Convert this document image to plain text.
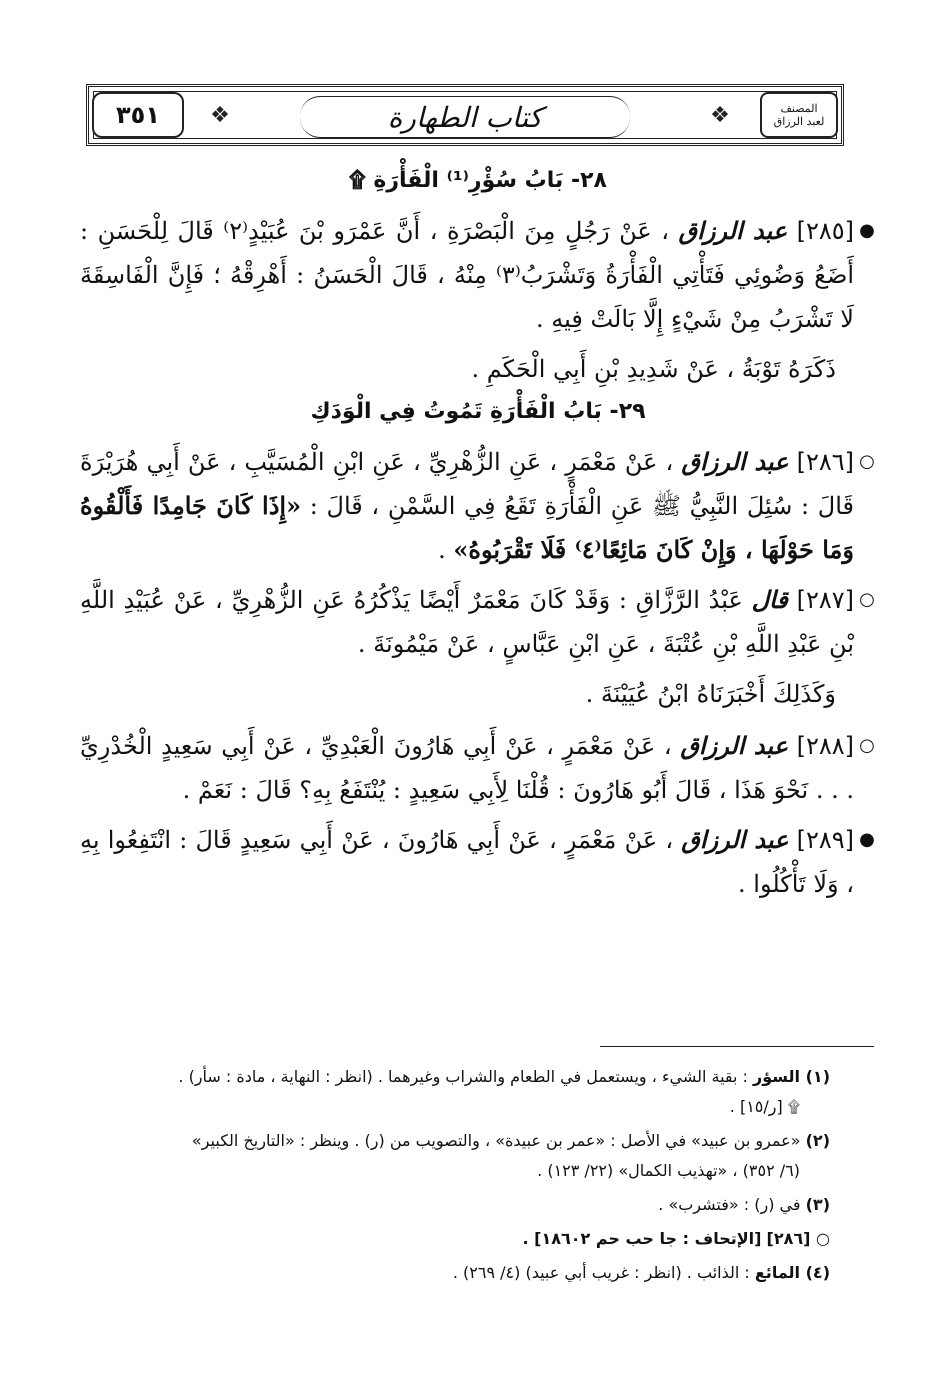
٣٥١	❖	❖
كتاب الطهارة	المصنف
لعبد الرزاق
٢٨- بَابُ سُؤْرِ⁽¹⁾ الْفَأْرَةِ ۩
●
[٢٨٥] عبد الرزاق ، عَنْ رَجُلٍ مِنَ الْبَصْرَةِ ، أَنَّ عَمْرَو بْنَ عُبَيْدٍ⁽٢⁾ قَالَ لِلْحَسَنِ : أَضَعُ وَضُوئِي فَتَأْتِي الْفَأْرَةُ وَتَشْرَبُ⁽٣⁾ مِنْهُ ، قَالَ الْحَسَنُ : أَهْرِقْهُ ؛ فَإِنَّ الْفَاسِقَةَ لَا تَشْرَبُ مِنْ شَيْءٍ إِلَّا بَالَتْ فِيهِ .
ذَكَرَهُ تَوْبَةُ ، عَنْ شَدِيدِ بْنِ أَبِي الْحَكَمِ .
٢٩- بَابُ الْفَأْرَةِ تَمُوتُ فِي الْوَدَكِ
○
[٢٨٦] عبد الرزاق ، عَنْ مَعْمَرٍ ، عَنِ الزُّهْرِيِّ ، عَنِ ابْنِ الْمُسَيَّبِ ، عَنْ أَبِي هُرَيْرَةَ قَالَ : سُئِلَ النَّبِيُّ ﷺ عَنِ الْفَأْرَةِ تَقَعُ فِي السَّمْنِ ، قَالَ : «إِذَا كَانَ جَامِدًا فَأَلْقُوهُ وَمَا حَوْلَهَا ، وَإِنْ كَانَ مَائِعًا⁽٤⁾ فَلَا تَقْرَبُوهُ» .
○
[٢٨٧] قال عَبْدُ الرَّزَّاقِ : وَقَدْ كَانَ مَعْمَرٌ أَيْضًا يَذْكُرُهُ عَنِ الزُّهْرِيِّ ، عَنْ عُبَيْدِ اللَّهِ بْنِ عَبْدِ اللَّهِ بْنِ عُتْبَةَ ، عَنِ ابْنِ عَبَّاسٍ ، عَنْ مَيْمُونَةَ .
وَكَذَلِكَ أَخْبَرَنَاهُ ابْنُ عُيَيْنَةَ .
○
[٢٨٨] عبد الرزاق ، عَنْ مَعْمَرٍ ، عَنْ أَبِي هَارُونَ الْعَبْدِيِّ ، عَنْ أَبِي سَعِيدٍ الْخُدْرِيِّ . . . نَحْوَ هَذَا ، قَالَ أَبُو هَارُونَ : قُلْنَا لِأَبِي سَعِيدٍ : يُنْتَفَعُ بِهِ؟ قَالَ : نَعَمْ .
●
[٢٨٩] عبد الرزاق ، عَنْ مَعْمَرٍ ، عَنْ أَبِي هَارُونَ ، عَنْ أَبِي سَعِيدٍ قَالَ : انْتَفِعُوا بِهِ ، وَلَا تَأْكُلُوا .
(١) السؤر : بقية الشيء ، ويستعمل في الطعام والشراب وغيرهما . (انظر : النهاية ، مادة : سأر) .
۩ [ر/١٥] .
(٢) «عمرو بن عبيد» في الأصل : «عمر بن عبيدة» ، والتصويب من (ر) . وينظر : «التاريخ الكبير»
(٦/ ٣٥٢) ، «تهذيب الكمال» (٢٢/ ١٢٣) .
(٣) في (ر) : «فتشرب» .
○ [٢٨٦] [الإتحاف : جا حب حم ١٨٦٠٢] .
(٤) المائع : الذائب . (انظر : غريب أبي عبيد) (٤/ ٢٦٩) .
